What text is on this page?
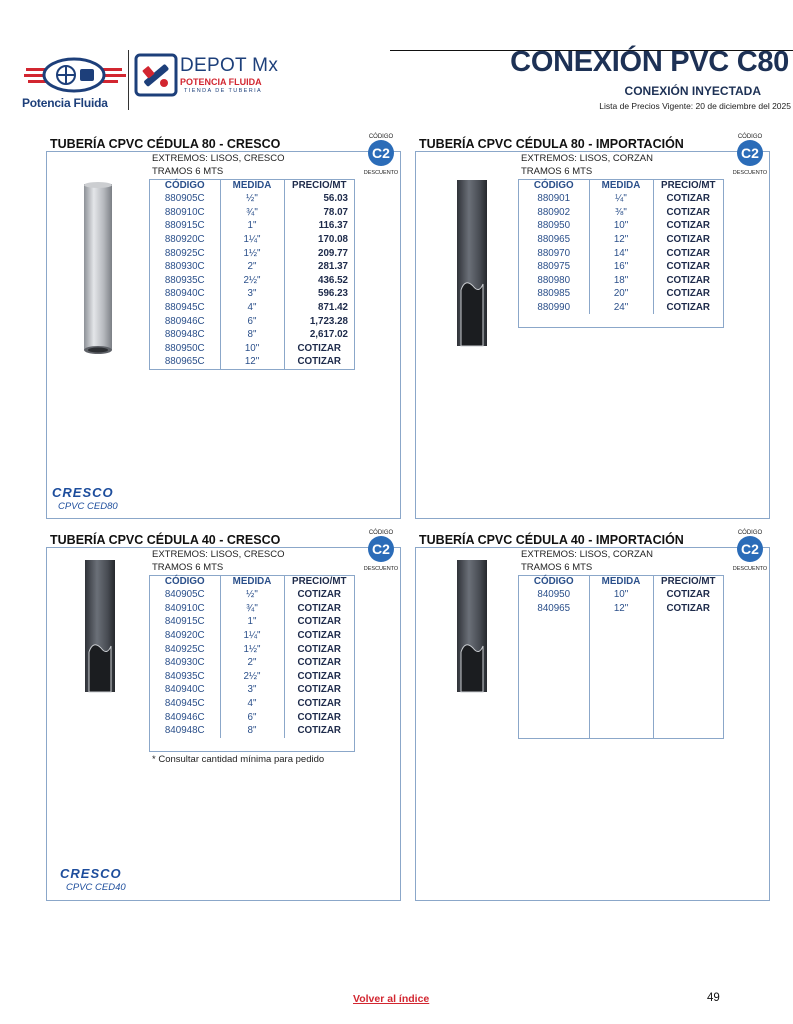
Potencia Fluida
DEPOT Mx
POTENCIA FLUIDA
TIENDA DE TUBERIA
CONEXIÓN PVC C80
CONEXIÓN INYECTADA
Lista de Precios Vigente: 20 de diciembre del 2025
TUBERÍA CPVC CÉDULA 80 - CRESCO
EXTREMOS: LISOS, CRESCO
TRAMOS 6 MTS
C2
CÓDIGO
DESCUENTO
CÓDIGO	MEDIDA	PRECIO/MT
880905C	½"	56.03
880910C	¾"	78.07
880915C	1"	116.37
880920C	1¼"	170.08
880925C	1½"	209.77
880930C	2"	281.37
880935C	2½"	436.52
880940C	3"	596.23
880945C	4"	871.42
880946C	6"	1,723.28
880948C	8"	2,617.02
880950C	10"	COTIZAR
880965C	12"	COTIZAR
CRESCO
CPVC CED80
TUBERÍA CPVC CÉDULA 80 - IMPORTACIÓN
EXTREMOS: LISOS, CORZAN
TRAMOS 6 MTS
C2
CÓDIGO
DESCUENTO
CÓDIGO	MEDIDA	PRECIO/MT
880901	¼"	COTIZAR
880902	⅜"	COTIZAR
880950	10"	COTIZAR
880965	12"	COTIZAR
880970	14"	COTIZAR
880975	16"	COTIZAR
880980	18"	COTIZAR
880985	20"	COTIZAR
880990	24"	COTIZAR
TUBERÍA CPVC CÉDULA 40 - CRESCO
EXTREMOS: LISOS, CRESCO
TRAMOS 6 MTS
C2
CÓDIGO
DESCUENTO
CÓDIGO	MEDIDA	PRECIO/MT
840905C	½"	COTIZAR
840910C	¾"	COTIZAR
840915C	1"	COTIZAR
840920C	1¼"	COTIZAR
840925C	1½"	COTIZAR
840930C	2"	COTIZAR
840935C	2½"	COTIZAR
840940C	3"	COTIZAR
840945C	4"	COTIZAR
840946C	6"	COTIZAR
840948C	8"	COTIZAR
* Consultar cantidad mínima para pedido
CRESCO
CPVC CED40
TUBERÍA CPVC CÉDULA 40 - IMPORTACIÓN
EXTREMOS: LISOS, CORZAN
TRAMOS 6 MTS
C2
CÓDIGO
DESCUENTO
CÓDIGO	MEDIDA	PRECIO/MT
840950	10"	COTIZAR
840965	12"	COTIZAR

Volver al índice	49
